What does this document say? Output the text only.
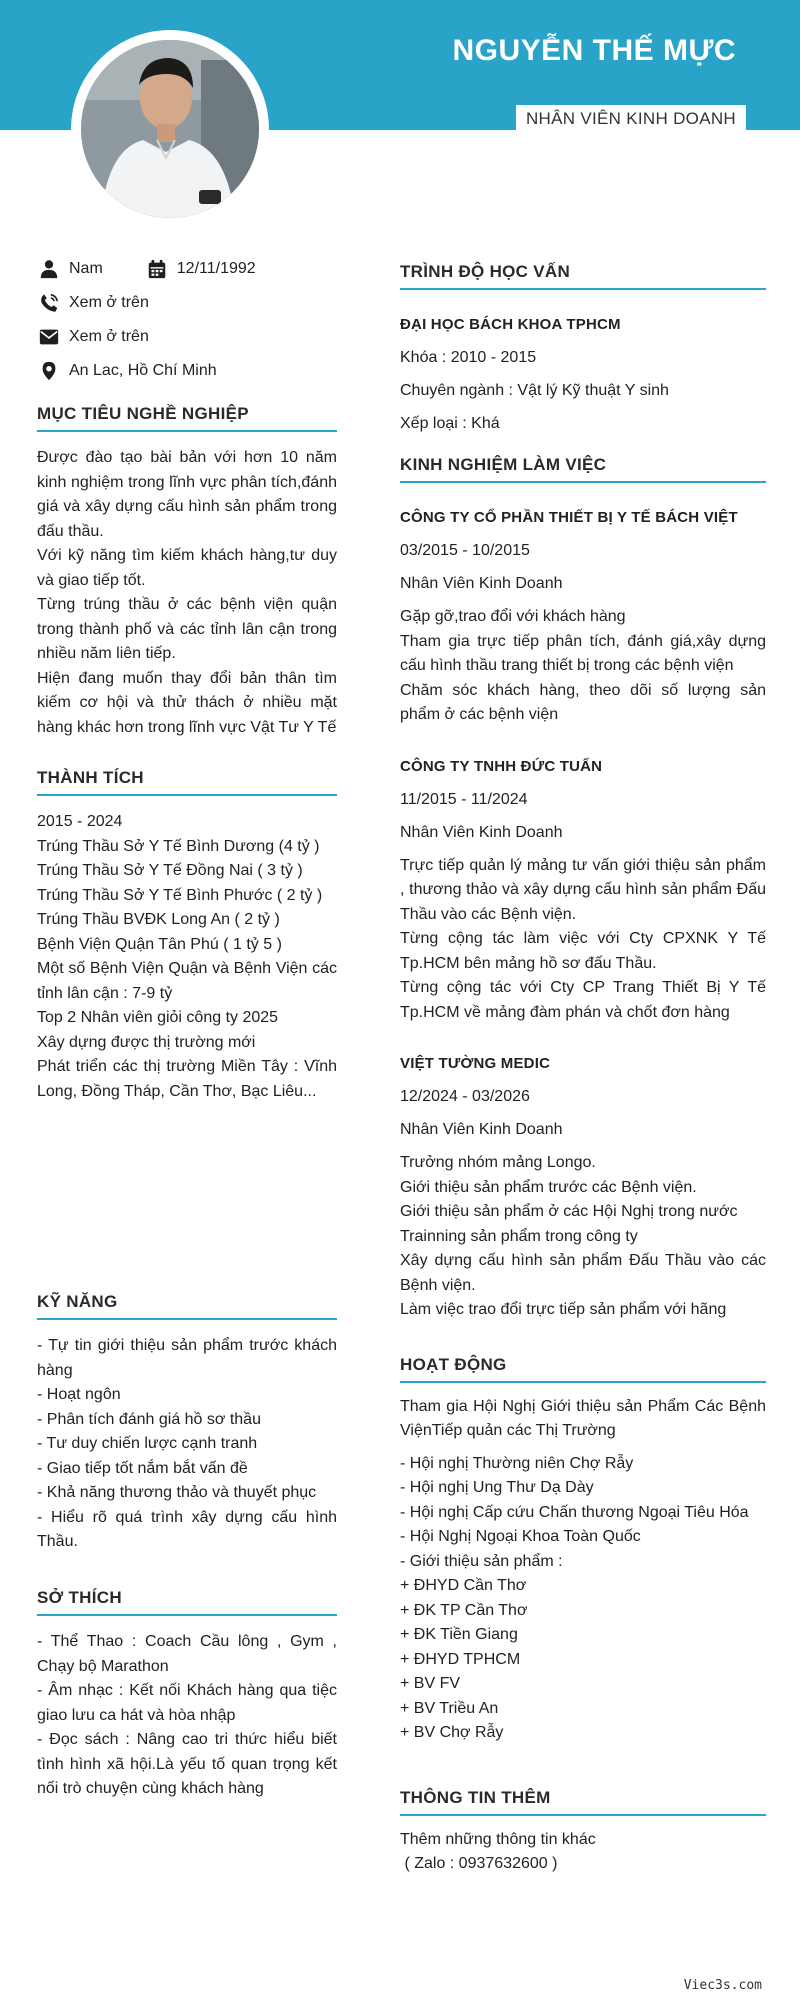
NGUYỄN THẾ MỰC
NHÂN VIÊN KINH DOANH
Nam	12/11/1992
Xem ở trên
Xem ở trên
An Lac, Hồ Chí Minh
MỤC TIÊU NGHỀ NGHIỆP
Được đào tạo bài bản với hơn 10 năm kinh nghiệm trong lĩnh vực phân tích,đánh giá và xây dựng cấu hình sản phẩm trong đấu thầu.
Với kỹ năng tìm kiếm khách hàng,tư duy và giao tiếp tốt.
Từng trúng thầu ở các bệnh viện quận trong thành phố và các tỉnh lân cận trong nhiều năm liên tiếp.
Hiện đang muốn thay đổi bản thân tìm kiếm cơ hội và thử thách ở nhiều mặt hàng khác hơn trong lĩnh vực Vật Tư Y Tế
THÀNH TÍCH
2015 - 2024
Trúng Thầu Sở Y Tế Bình Dương (4 tỷ )
Trúng Thầu Sở Y Tế Đồng Nai ( 3 tỷ )
Trúng Thầu Sở Y Tế Bình Phước ( 2 tỷ )
Trúng Thầu BVĐK Long An ( 2 tỷ )
Bệnh Viện Quận Tân Phú ( 1 tỷ 5 )
Một số Bệnh Viện Quận và Bệnh Viện các tỉnh lân cận : 7-9 tỷ
Top 2 Nhân viên giỏi công ty 2025
Xây dựng được thị trường mới
Phát triển các thị trường Miền Tây : Vĩnh Long, Đồng Tháp, Cần Thơ, Bạc Liêu...
KỸ NĂNG
- Tự tin giới thiệu sản phẩm trước khách hàng
- Hoạt ngôn
- Phân tích đánh giá hồ sơ thầu
- Tư duy chiến lược cạnh tranh
- Giao tiếp tốt nắm bắt vấn đề
- Khả năng thương thảo và thuyết phục
- Hiểu rõ quá trình xây dựng cấu hình Thầu.
SỞ THÍCH
- Thể Thao : Coach Cầu lông , Gym , Chạy bộ Marathon
- Âm nhạc : Kết nối Khách hàng qua tiệc giao lưu ca hát và hòa nhập
- Đọc sách : Nâng cao tri thức hiểu biết tình hình xã hội.Là yếu tố quan trọng kết nối trò chuyện cùng khách hàng
TRÌNH ĐỘ HỌC VẤN
ĐẠI HỌC BÁCH KHOA TPHCM
Khóa : 2010 - 2015
Chuyên ngành : Vật lý Kỹ thuật Y sinh
Xếp loại : Khá
KINH NGHIỆM LÀM VIỆC
CÔNG TY CỔ PHẦN THIẾT BỊ Y TẾ BÁCH VIỆT
03/2015 - 10/2015
Nhân Viên Kinh Doanh
Gặp gỡ,trao đổi với khách hàng
Tham gia trực tiếp phân tích, đánh giá,xây dựng cấu hình thầu trang thiết bị trong các bệnh viện
Chăm sóc khách hàng, theo dõi số lượng sản phẩm ở các bệnh viện
CÔNG TY TNHH ĐỨC TUẤN
11/2015 - 11/2024
Nhân Viên Kinh Doanh
Trực tiếp quản lý mảng tư vấn giới thiệu sản phẩm , thương thảo và xây dựng cấu hình sản phẩm Đấu Thầu vào các Bệnh viện.
Từng cộng tác làm việc với Cty CPXNK Y Tế Tp.HCM bên mảng hồ sơ đấu Thầu.
Từng cộng tác với Cty CP Trang Thiết Bị Y Tế Tp.HCM về mảng đàm phán và chốt đơn hàng
VIỆT TƯỜNG MEDIC
12/2024 - 03/2026
Nhân Viên Kinh Doanh
Trưởng nhóm mảng Longo.
Giới thiệu sản phẩm trước các Bệnh viện.
Giới thiệu sản phẩm ở các Hội Nghị trong nước
Trainning sản phẩm trong công ty
Xây dựng cấu hình sản phẩm Đấu Thầu vào các Bệnh viện.
Làm việc trao đổi trực tiếp sản phẩm với hãng
HOẠT ĐỘNG
Tham gia Hội Nghị Giới thiệu sản Phẩm Các Bệnh ViệnTiếp quản các Thị Trường
- Hội nghị Thường niên Chợ Rẫy
- Hội nghị Ung Thư Dạ Dày
- Hội nghị Cấp cứu Chấn thương Ngoại Tiêu Hóa
- Hội Nghị Ngoại Khoa Toàn Quốc
- Giới thiệu sản phẩm :
+ ĐHYD Cần Thơ
+ ĐK TP Cần Thơ
+ ĐK Tiền Giang
+ ĐHYD TPHCM
+ BV FV
+ BV Triều An
+ BV Chợ Rẫy
THÔNG TIN THÊM
Thêm những thông tin khác
( Zalo : 0937632600 )
Viec3s.com
